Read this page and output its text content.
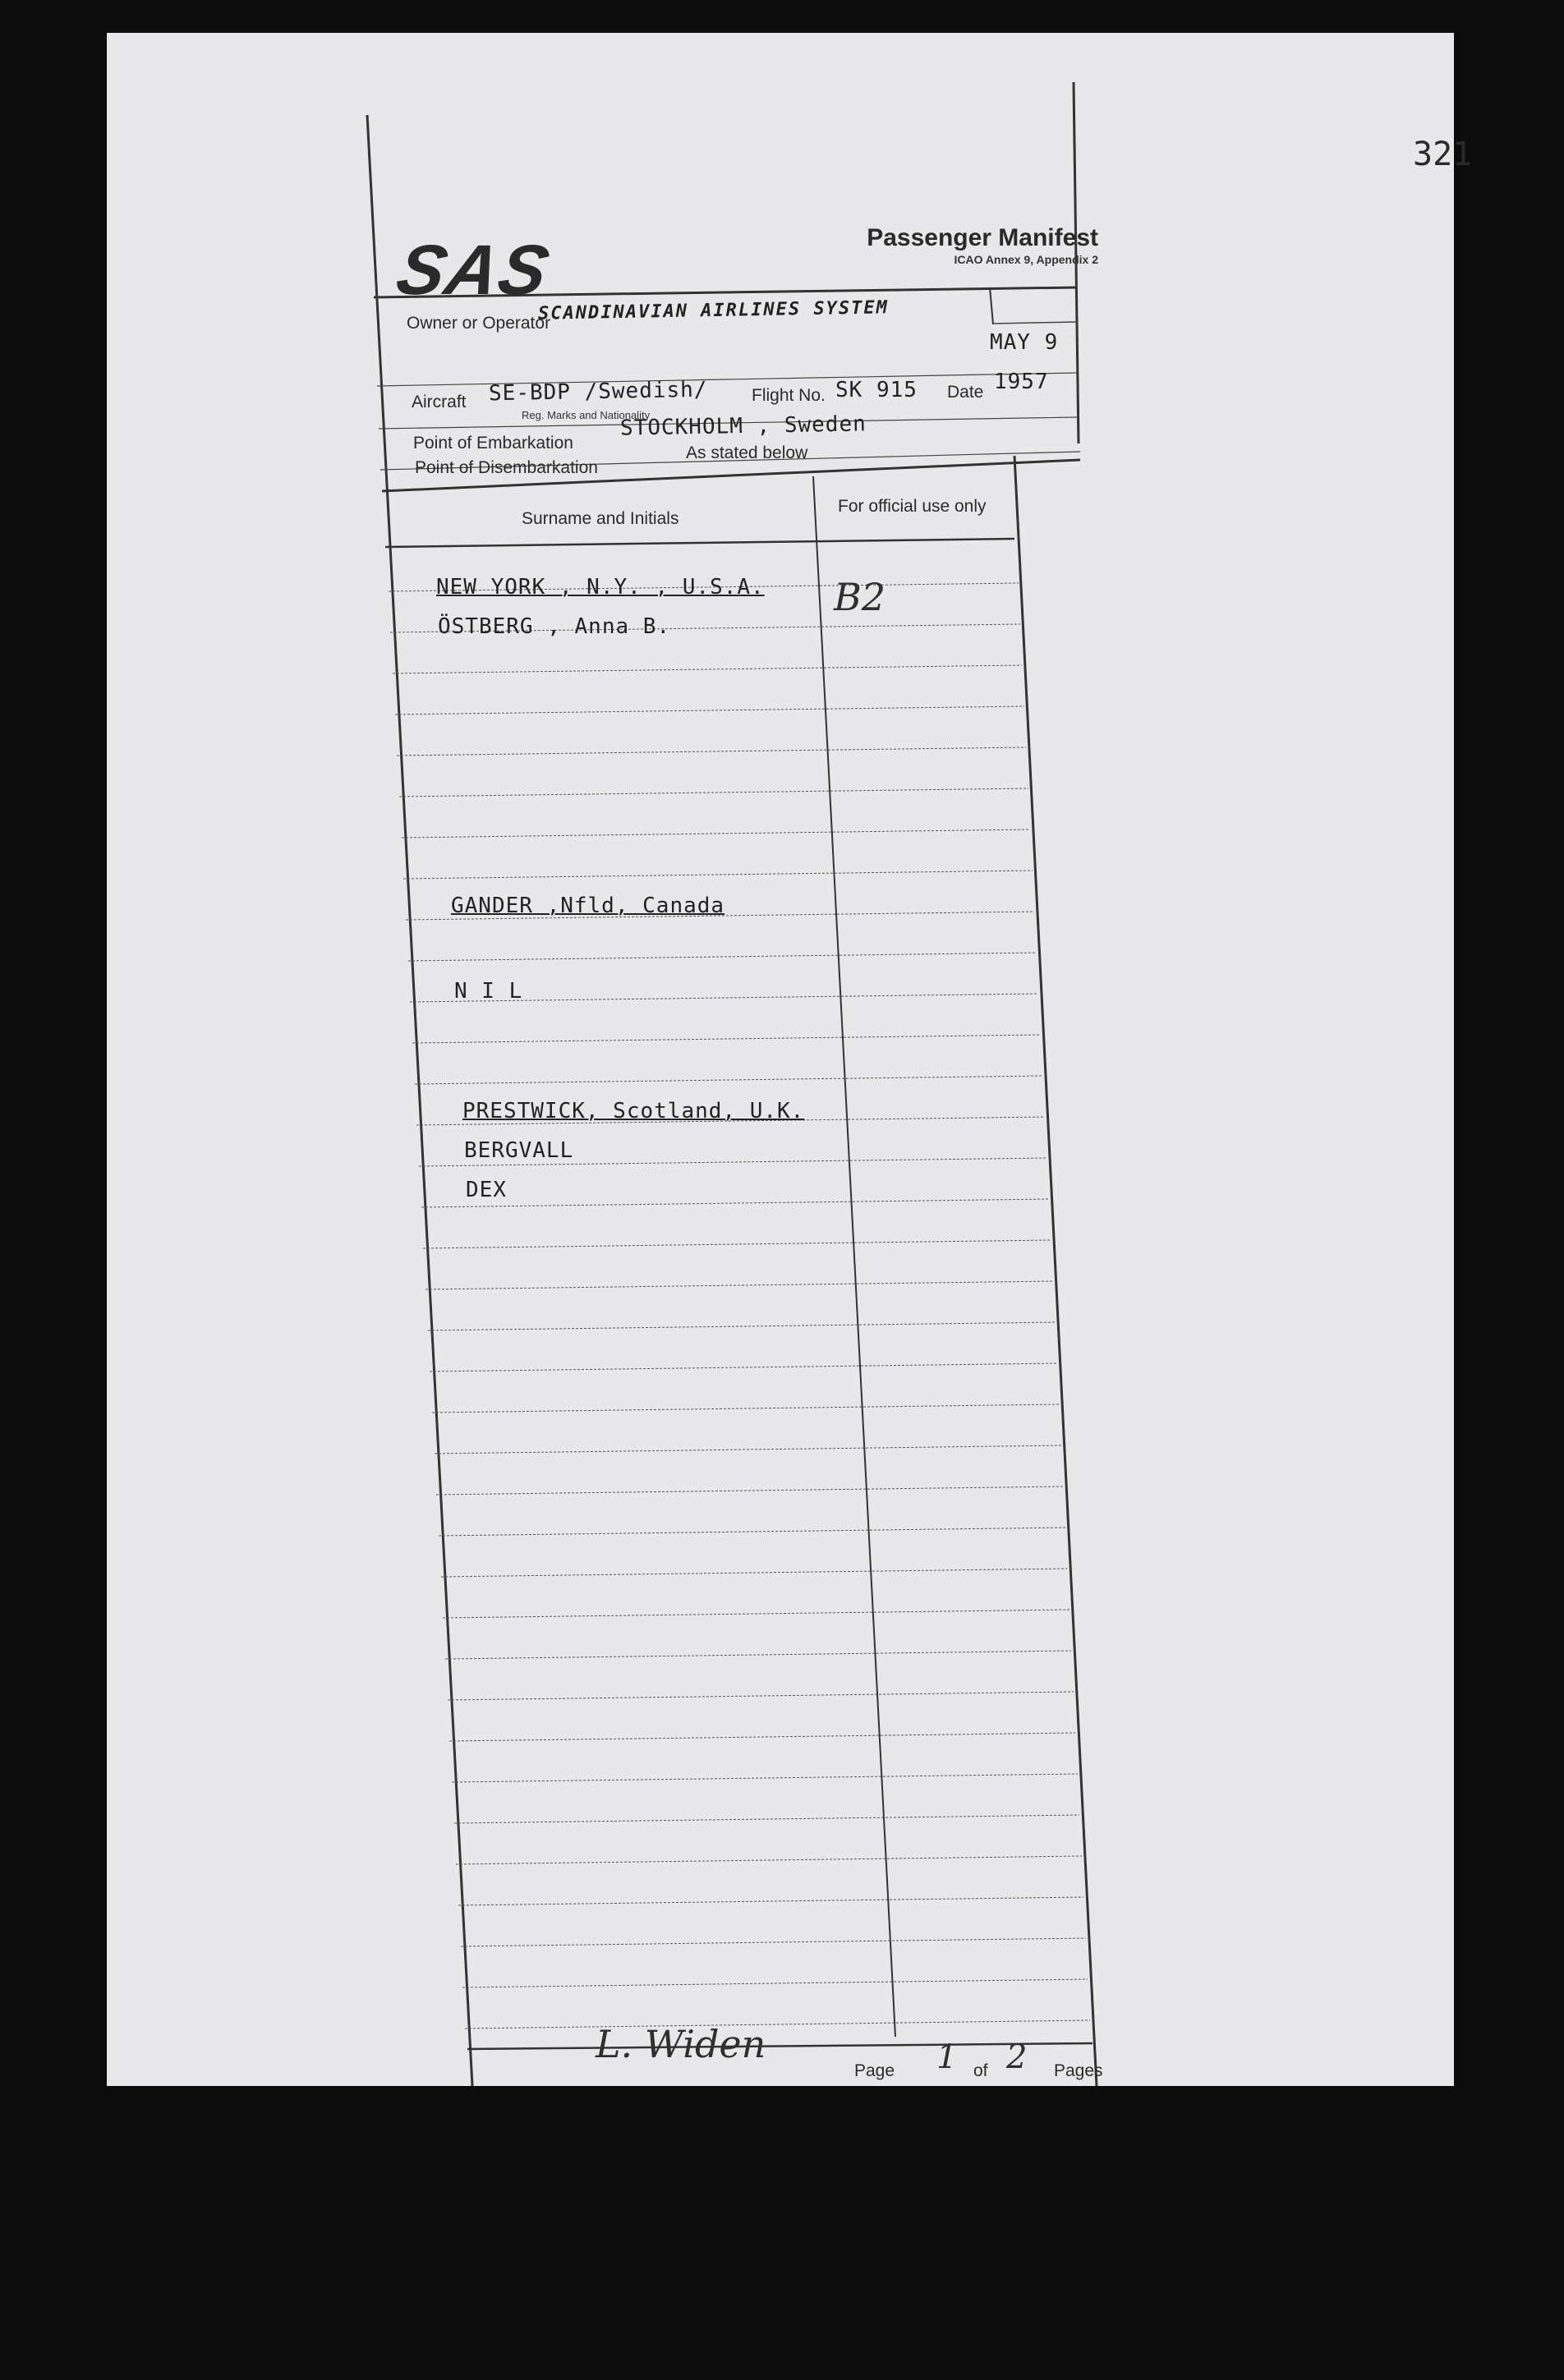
321
SAS	Passenger Manifest
ICAO Annex 9, Appendix 2
Owner or Operator
SCANDINAVIAN AIRLINES SYSTEM
MAY 9
Aircraft SE-BDP /Swedish/
Reg. Marks and Nationality
Flight No. SK 915 Date 1957
Point of Embarkation
STOCKHOLM , Sweden
Point of Disembarkation
As stated below
Surname and Initials
For official use only
NEW YORK , N.Y. , U.S.A.
ÖSTBERG , Anna B.
B2
GANDER ,Nfld, Canada
N I L
PRESTWICK, Scotland, U.K.
BERGVALL
DEX
L. Widen
Page 1 of 2 Pages
